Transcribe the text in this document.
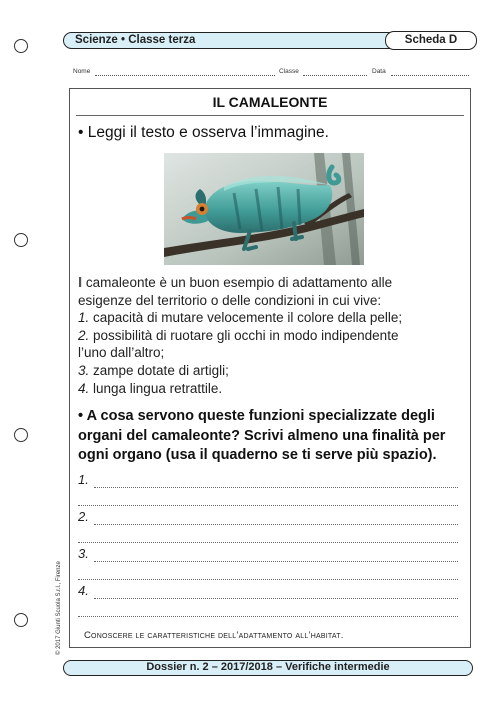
Scienze • Classe terza	Scheda D
Nome	Classe	Data
IL CAMALEONTE
• Leggi il testo e osserva l’immagine.

I camaleonte è un buon esempio di adattamento alle

esigenze del territorio o delle condizioni in cui vive:

1. capacità di mutare velocemente il colore della pelle;

2. possibilità di ruotare gli occhi in modo indipendente

l’uno dall’altro;

3. zampe dotate di artigli;

4. lunga lingua retrattile.

• A cosa servono queste funzioni specializzate degli
organi del camaleonte? Scrivi almeno una finalità per
ogni organo (usa il quaderno se ti serve più spazio).
1.
2.
3.
4.
Conoscere le caratteristiche dell’adattamento all’habitat.
© 2017 Giunti Scuola S.r.l., Firenze
Dossier n. 2 – 2017/2018 – Verifiche intermedie
